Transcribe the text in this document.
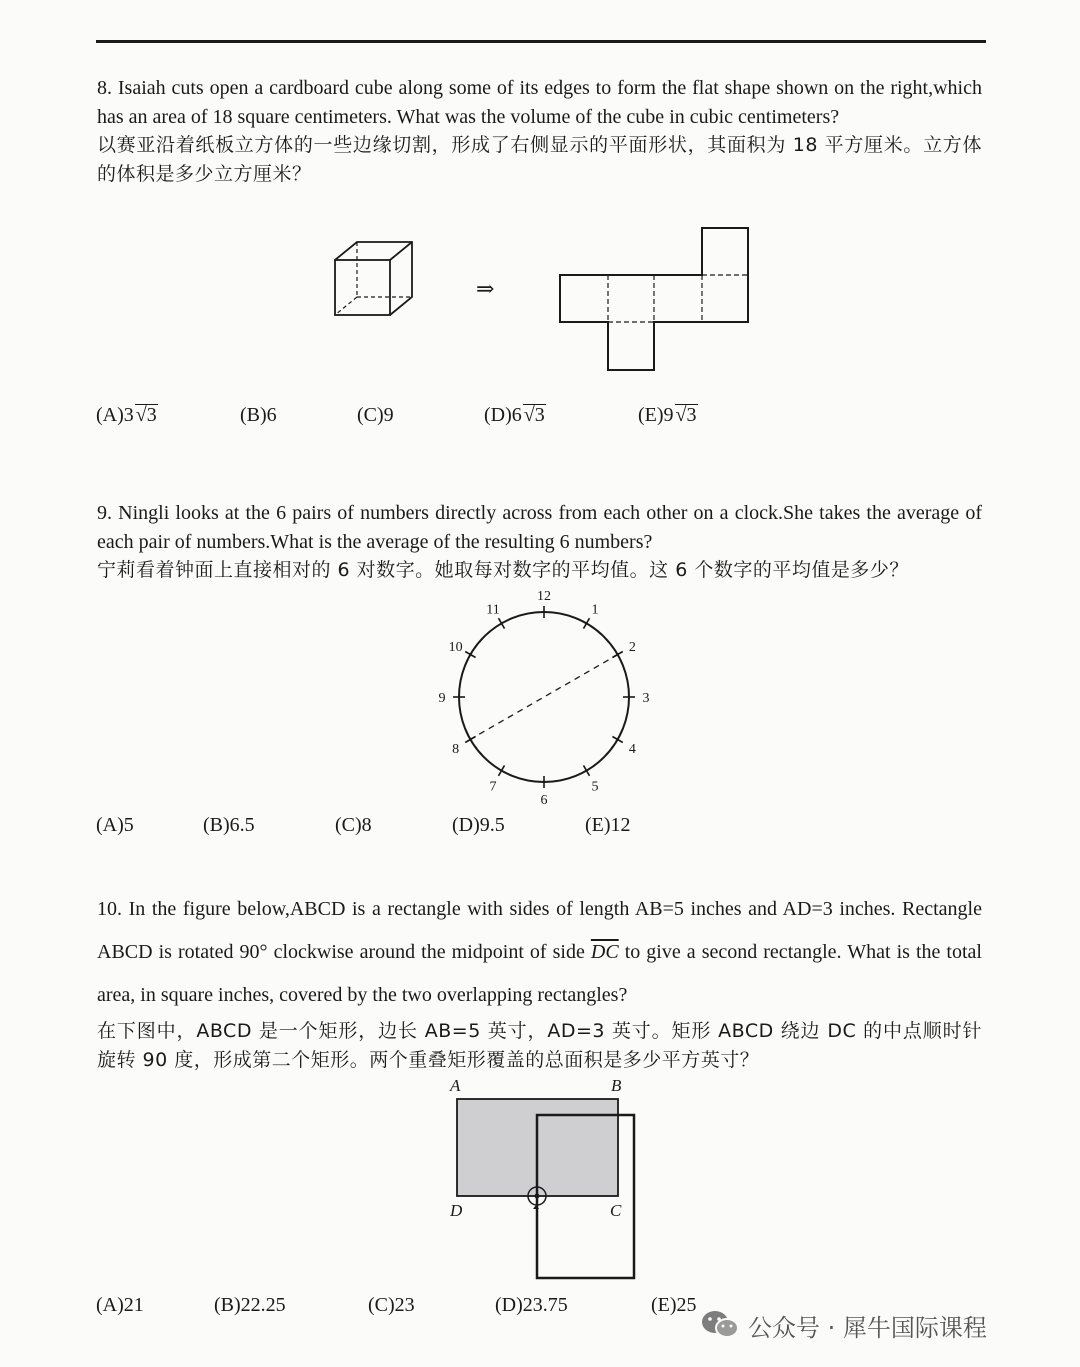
8. Isaiah cuts open a cardboard cube along some of its edges to form the flat shape shown on the right,which has an area of 18 square centimeters. What was the volume of the cube in cubic centimeters?

以赛亚沿着纸板立方体的一些边缘切割，形成了右侧显示的平面形状，其面积为 18 平方厘米。立方体的体积是多少立方厘米？

⇒
(A)3 √3	(B)6	(C)9	(D)6 √3	(E)9 √3

9. Ningli looks at the 6 pairs of numbers directly across from each other on a clock.She takes the average of each pair of numbers.What is the average of the resulting 6 numbers?

宁莉看着钟面上直接相对的 6 对数字。她取每对数字的平均值。这 6 个数字的平均值是多少？

12
1
2
3
4
5
6
7
8
9
10
11
(A)5	(B)6.5	(C)8	(D)9.5	(E)12

10. In the figure below,ABCD is a rectangle with sides of length AB=5 inches and AD=3 inches. Rectangle ABCD is rotated 90° clockwise around the midpoint of side $\overline{DC}$ to give a second rectangle. What is the total area, in square inches, covered by the two overlapping rectangles?

在下图中，ABCD 是一个矩形，边长 AB=5 英寸，AD=3 英寸。矩形 ABCD 绕边 DC 的中点顺时针旋转 90 度，形成第二个矩形。两个重叠矩形覆盖的总面积是多少平方英寸？

A	B
D	C
(A)21	(B)22.25	(C)23	(D)23.75	(E)25
公众号 · 犀牛国际课程
